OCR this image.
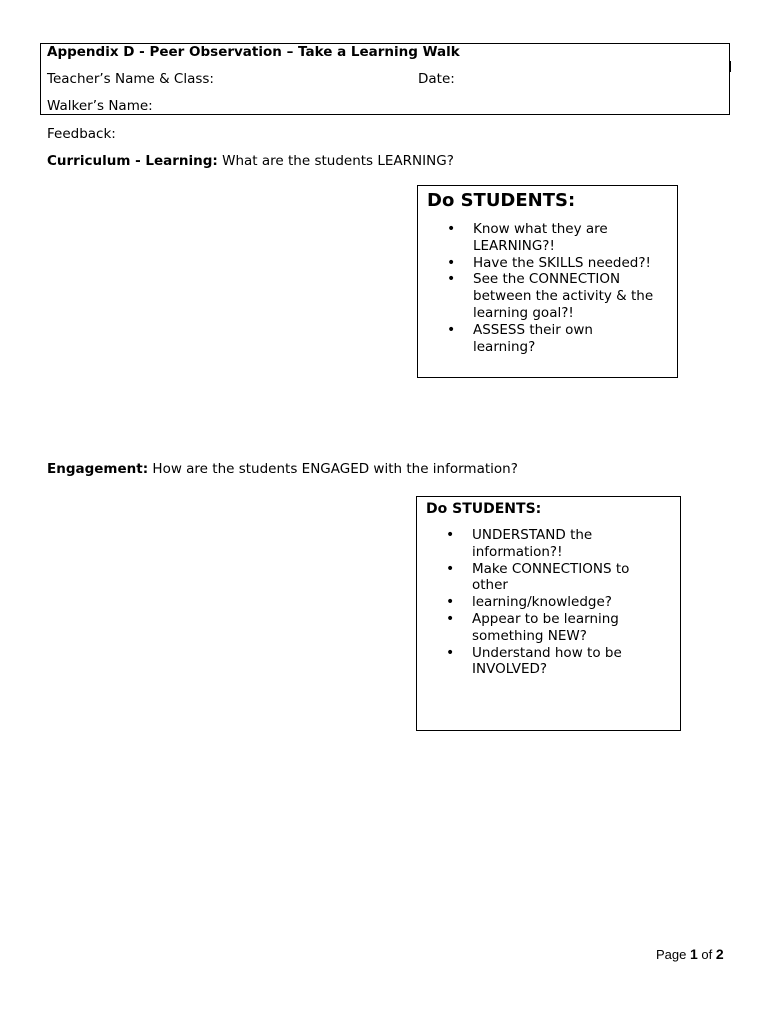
Appendix D - Peer Observation – Take a Learning Walk
Teacher’s Name & Class:	Date:
Walker’s Name:
Feedback:
Curriculum - Learning: What are the students LEARNING?
Do STUDENTS:
• Know what they are LEARNING?!
• Have the SKILLS needed?!
• See the CONNECTION between the activity & the learning goal?!
• ASSESS their own learning?
Engagement: How are the students ENGAGED with the information?
Do STUDENTS:
• UNDERSTAND the information?!
• Make CONNECTIONS to other
• learning/knowledge?
• Appear to be learning something NEW?
• Understand how to be INVOLVED?
Page 1 of 2
